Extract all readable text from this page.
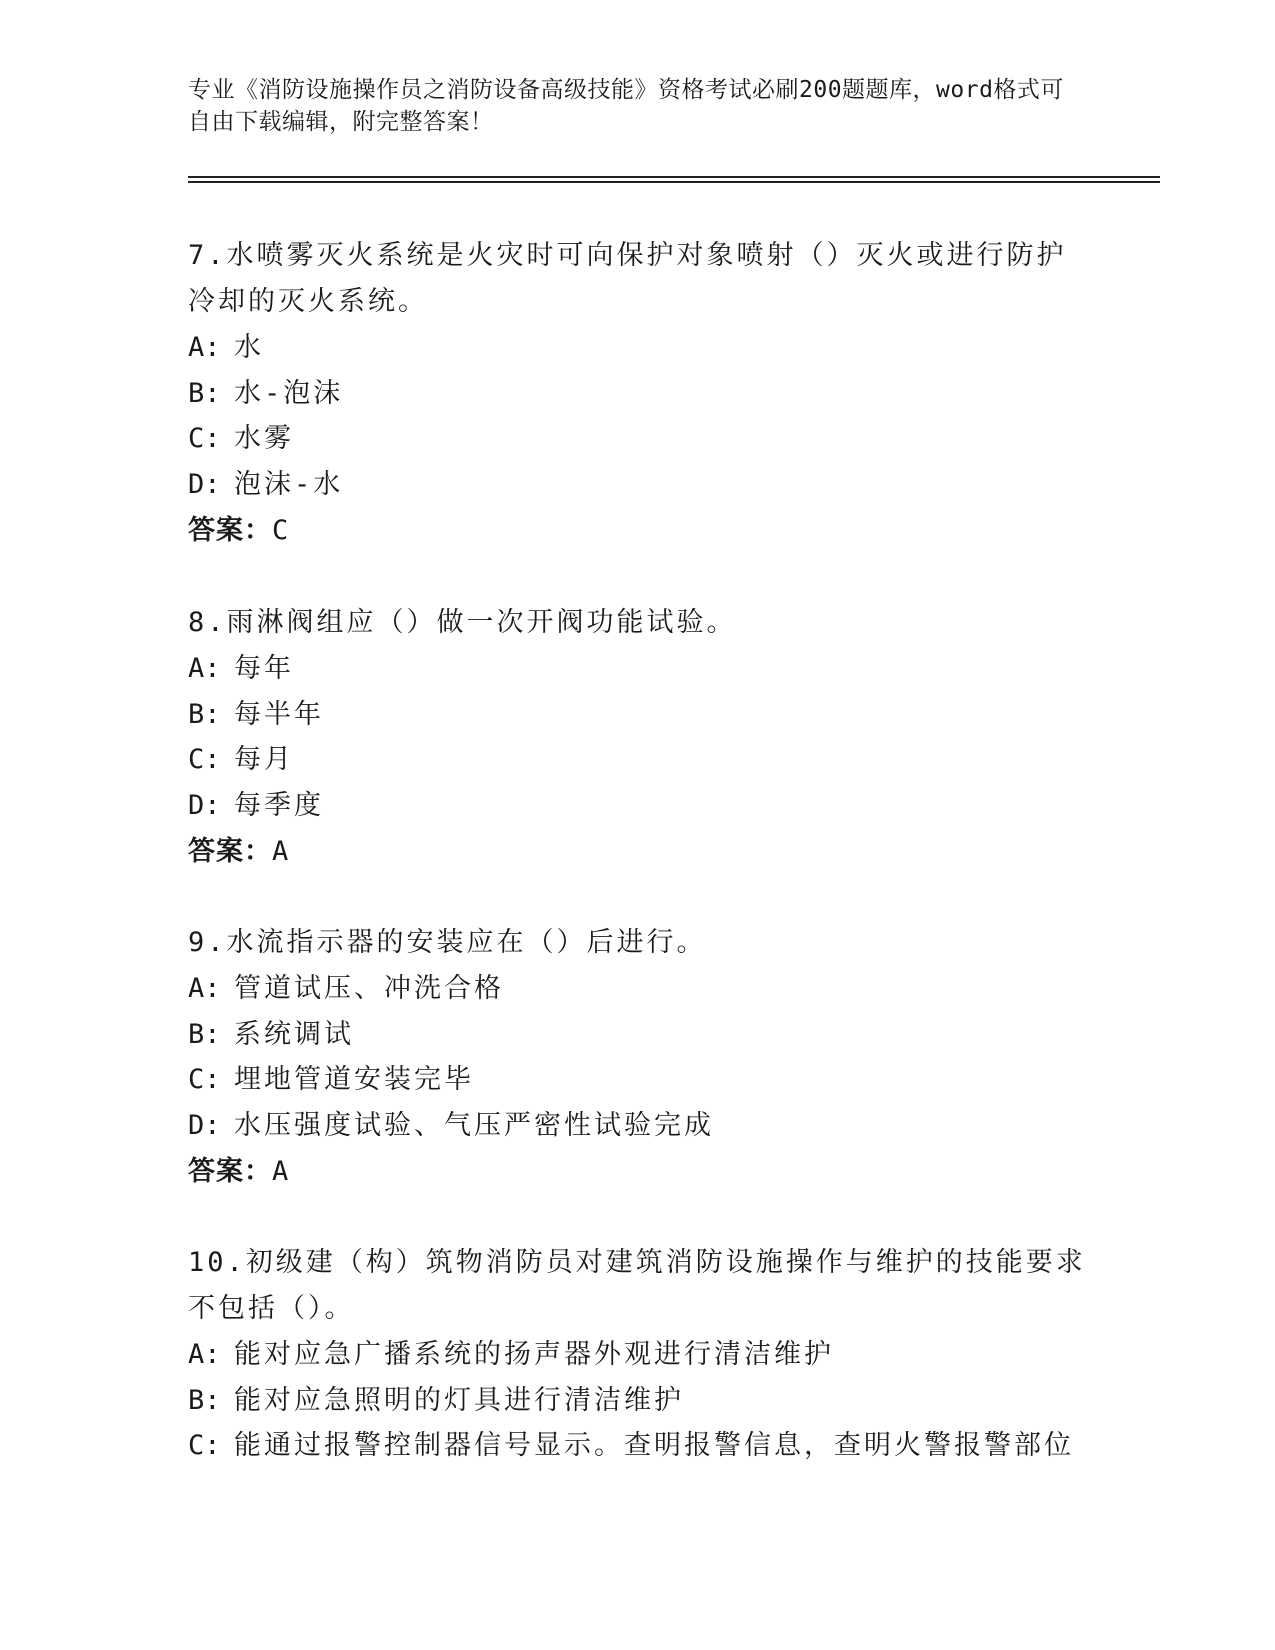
专业《消防设施操作员之消防设备高级技能》资格考试必刷200题题库，word格式可自由下载编辑，附完整答案！
7.水喷雾灭火系统是火灾时可向保护对象喷射（）灭火或进行防护冷却的灭火系统。
A: 水
B: 水-泡沫
C: 水雾
D: 泡沫-水
答案：C
8.雨淋阀组应（）做一次开阀功能试验。
A: 每年
B: 每半年
C: 每月
D: 每季度
答案：A
9.水流指示器的安装应在（）后进行。
A: 管道试压、冲洗合格
B: 系统调试
C: 埋地管道安装完毕
D: 水压强度试验、气压严密性试验完成
答案：A
10.初级建（构）筑物消防员对建筑消防设施操作与维护的技能要求不包括（）。
A: 能对应急广播系统的扬声器外观进行清洁维护
B: 能对应急照明的灯具进行清洁维护
C: 能通过报警控制器信号显示。查明报警信息，查明火警报警部位
